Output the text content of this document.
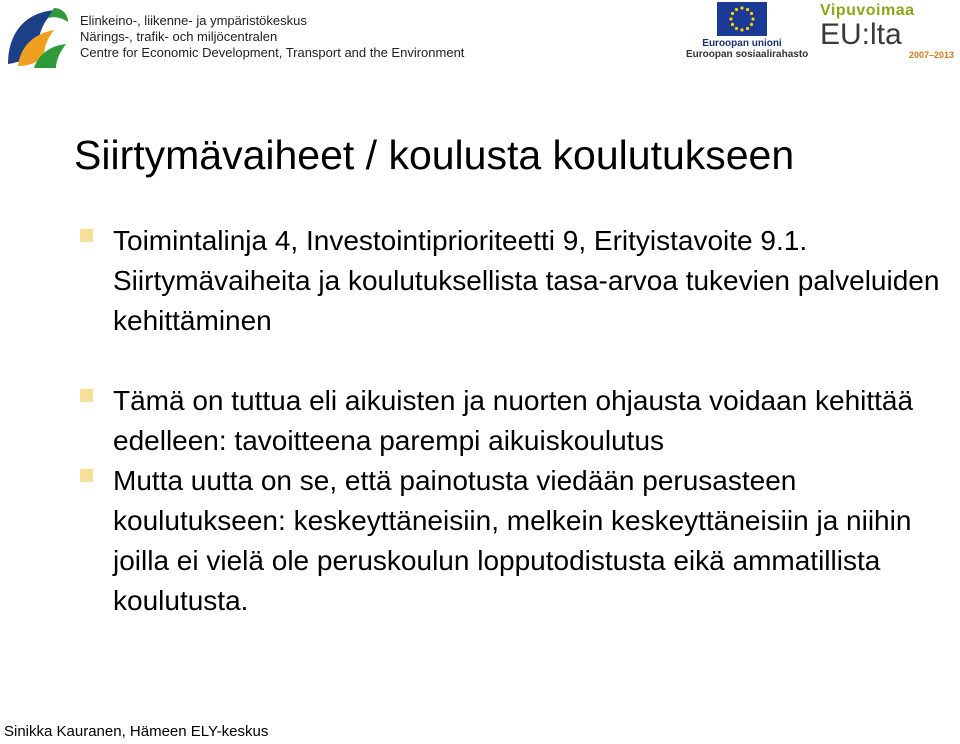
Elinkeino-, liikenne- ja ympäristökeskus
Närings-, trafik- och miljöcentralen
Centre for Economic Development, Transport and the Environment
Euroopan unioni
Euroopan sosiaalirahasto
Vipuvoimaa
EU:lta
2007–2013
Siirtymävaiheet / koulusta koulutukseen
Toimintalinja 4, Investointiprioriteetti 9, Erityistavoite 9.1. Siirtymävaiheita ja koulutuksellista tasa-arvoa tukevien palveluiden kehittäminen
Tämä on tuttua eli aikuisten ja nuorten ohjausta voidaan kehittää edelleen: tavoitteena parempi aikuiskoulutus
Mutta uutta on se, että painotusta viedään perusasteen koulutukseen: keskeyttäneisiin, melkein keskeyttäneisiin ja niihin joilla ei vielä ole peruskoulun lopputodistusta eikä ammatillista koulutusta.
Sinikka Kauranen, Hämeen ELY-keskus
